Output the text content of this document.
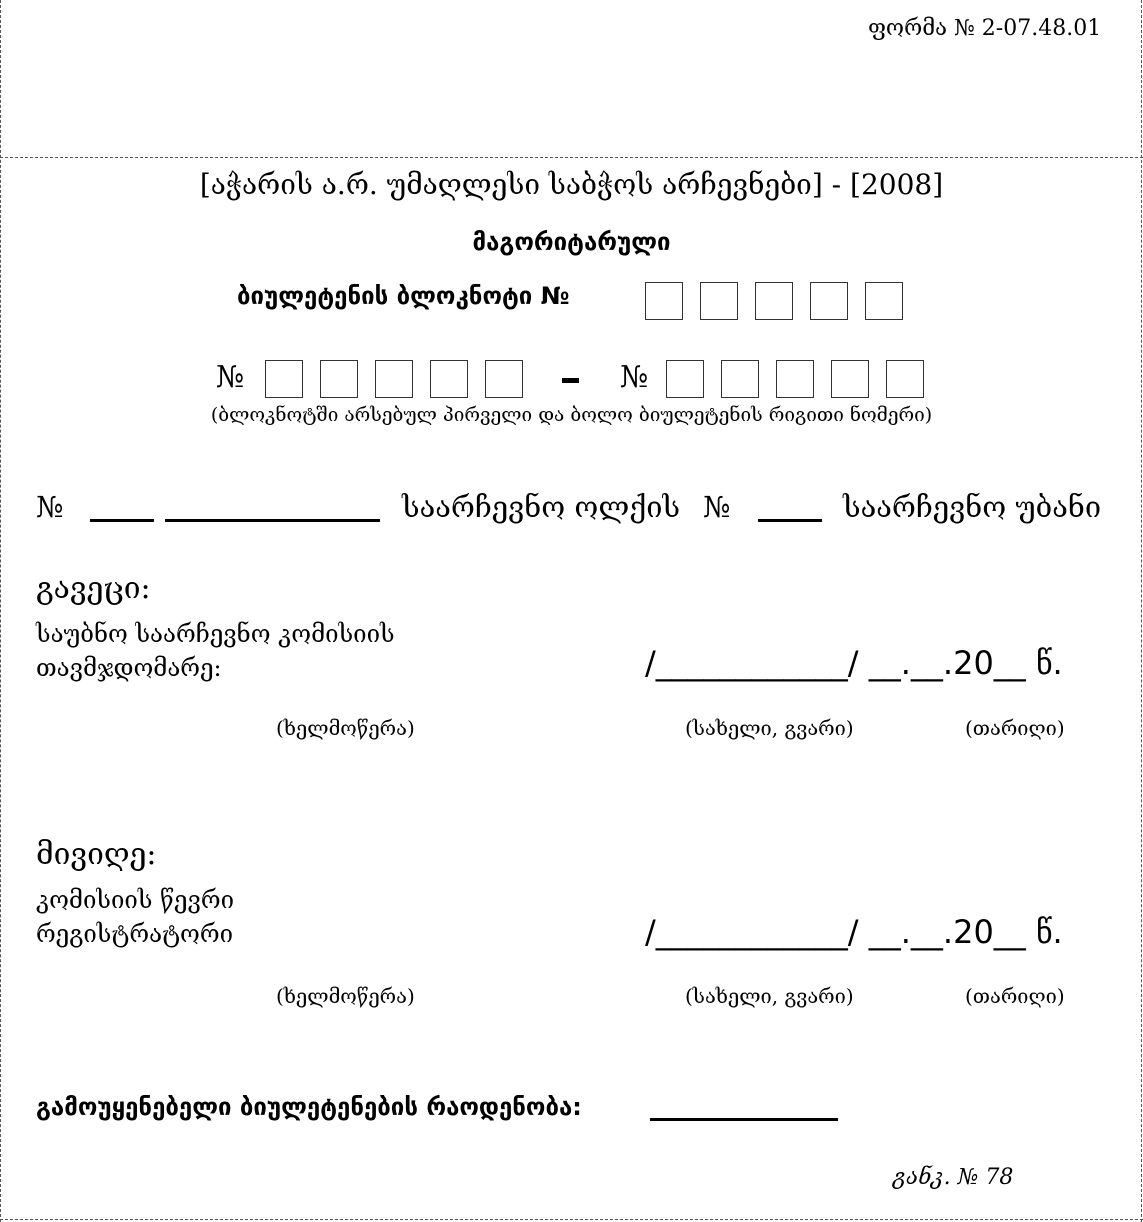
ფორმა № 2-07.48.01
[აჭარის ა.რ. უმაღლესი საბჭოს არჩევნები] - [2008]
მაგორიტარული
ბიულეტენის ბლოკნოტი №
№	№
(ბლოკნოტში არსებულ პირველი და ბოლო ბიულეტენის რიგითი ნომერი)
№	საარჩევნო ოლქის №	საარჩევნო უბანი
გავეცი:
საუბნო საარჩევნო კომისიის
თავმჯდომარე:	/____________/ __.__.20__ წ.
(ხელმოწერა)	(სახელი, გვარი)	(თარიღი)
მივიღე:
კომისიის წევრი
რეგისტრატორი	/____________/ __.__.20__ წ.
(ხელმოწერა)	(სახელი, გვარი)	(თარიღი)
გამოუყენებელი ბიულეტენების რაოდენობა:
განკ. № 78
